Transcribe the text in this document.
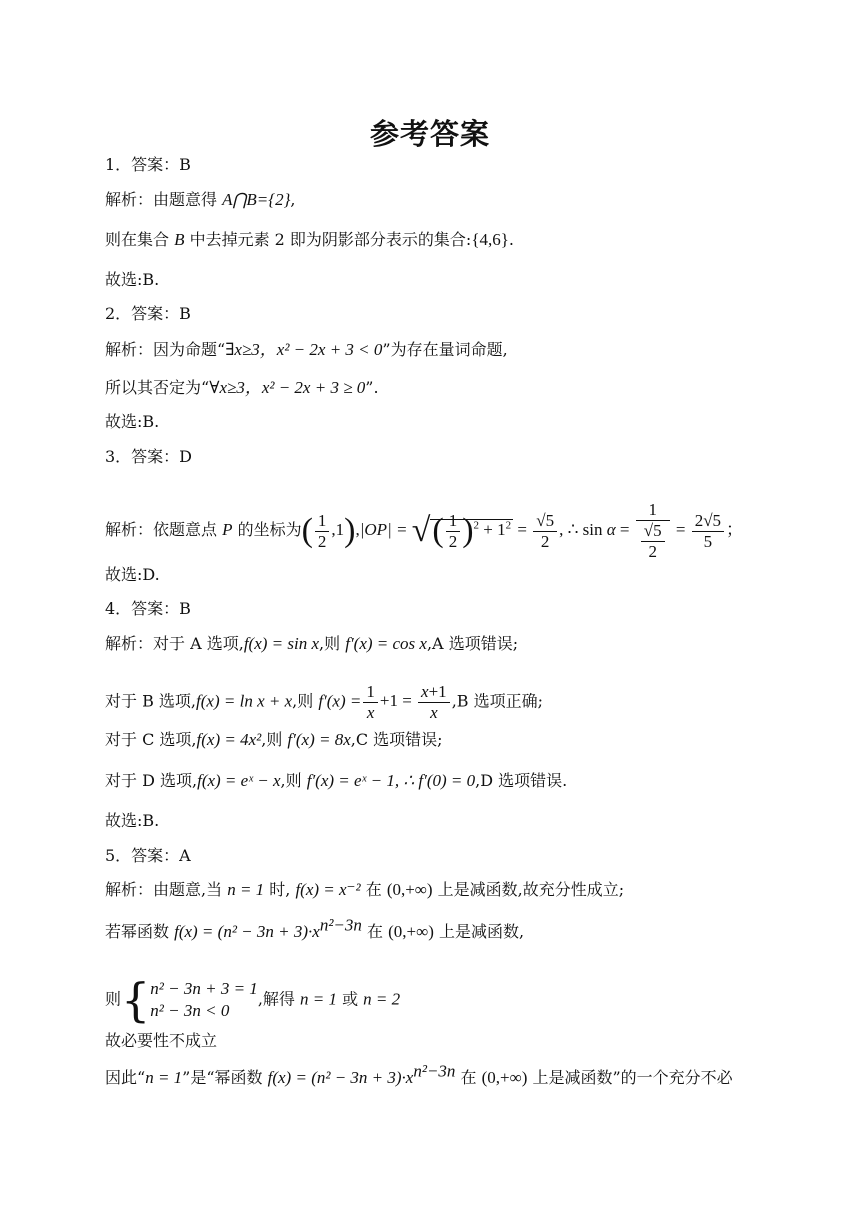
参考答案
1．答案：B
解析：由题意得 A⋂B={2},
则在集合 B 中去掉元素 2 即为阴影部分表示的集合:{4,6}.
故选:B.
2．答案：B
解析：因为命题“∃x≥3，x² − 2x + 3 < 0”为存在量词命题,
所以其否定为“∀x≥3，x² − 2x + 3 ≥ 0”.
故选:B.
3．答案：D
解析：依题意点 P 的坐标为( $\frac{1}{2} ,1),|OP|$ = √( $\frac{1}{2} )^2 + 1^2 = \frac{√5}{2}$ , ∴ $\sin \alpha = \frac{1}{\frac{√5}{2}} = \frac{2√5}{5}$ ；
故选:D.
4．答案：B
解析：对于 A 选项,f(x) = sin x,则 f′(x) = cos x,A 选项错误;
对于 B 选项,f(x) = ln x + x,则 $f'(x) = \frac{1}{x} +1 = \frac{x+1}{x} ,B$ 选项正确;
对于 C 选项,f(x) = 4x²,则 f′(x) = 8x,C 选项错误;
对于 D 选项,f(x) = eˣ − x,则 f′(x) = eˣ − 1, ∴ f′(0) = 0,D 选项错误.
故选:B.
5．答案：A
解析：由题意,当 n = 1 时, f(x) = x⁻² 在 (0,+∞) 上是减函数,故充分性成立;
若幂函数 $f(x) = (n^2 - 3n + 3)\cdot x^{n^2-3n}$ 在 (0,+∞) 上是减函数,
则{ n² − 3n + 3 = 1
n² − 3n < 0
,解得 n = 1 或 n = 2
故必要性不成立
因此“n = 1”是“幂函数 $f(x) = (n^2 - 3n + 3)\cdot x^{n^2-3n}$ 在 (0,+∞) 上是减函数”的一个充分不必
